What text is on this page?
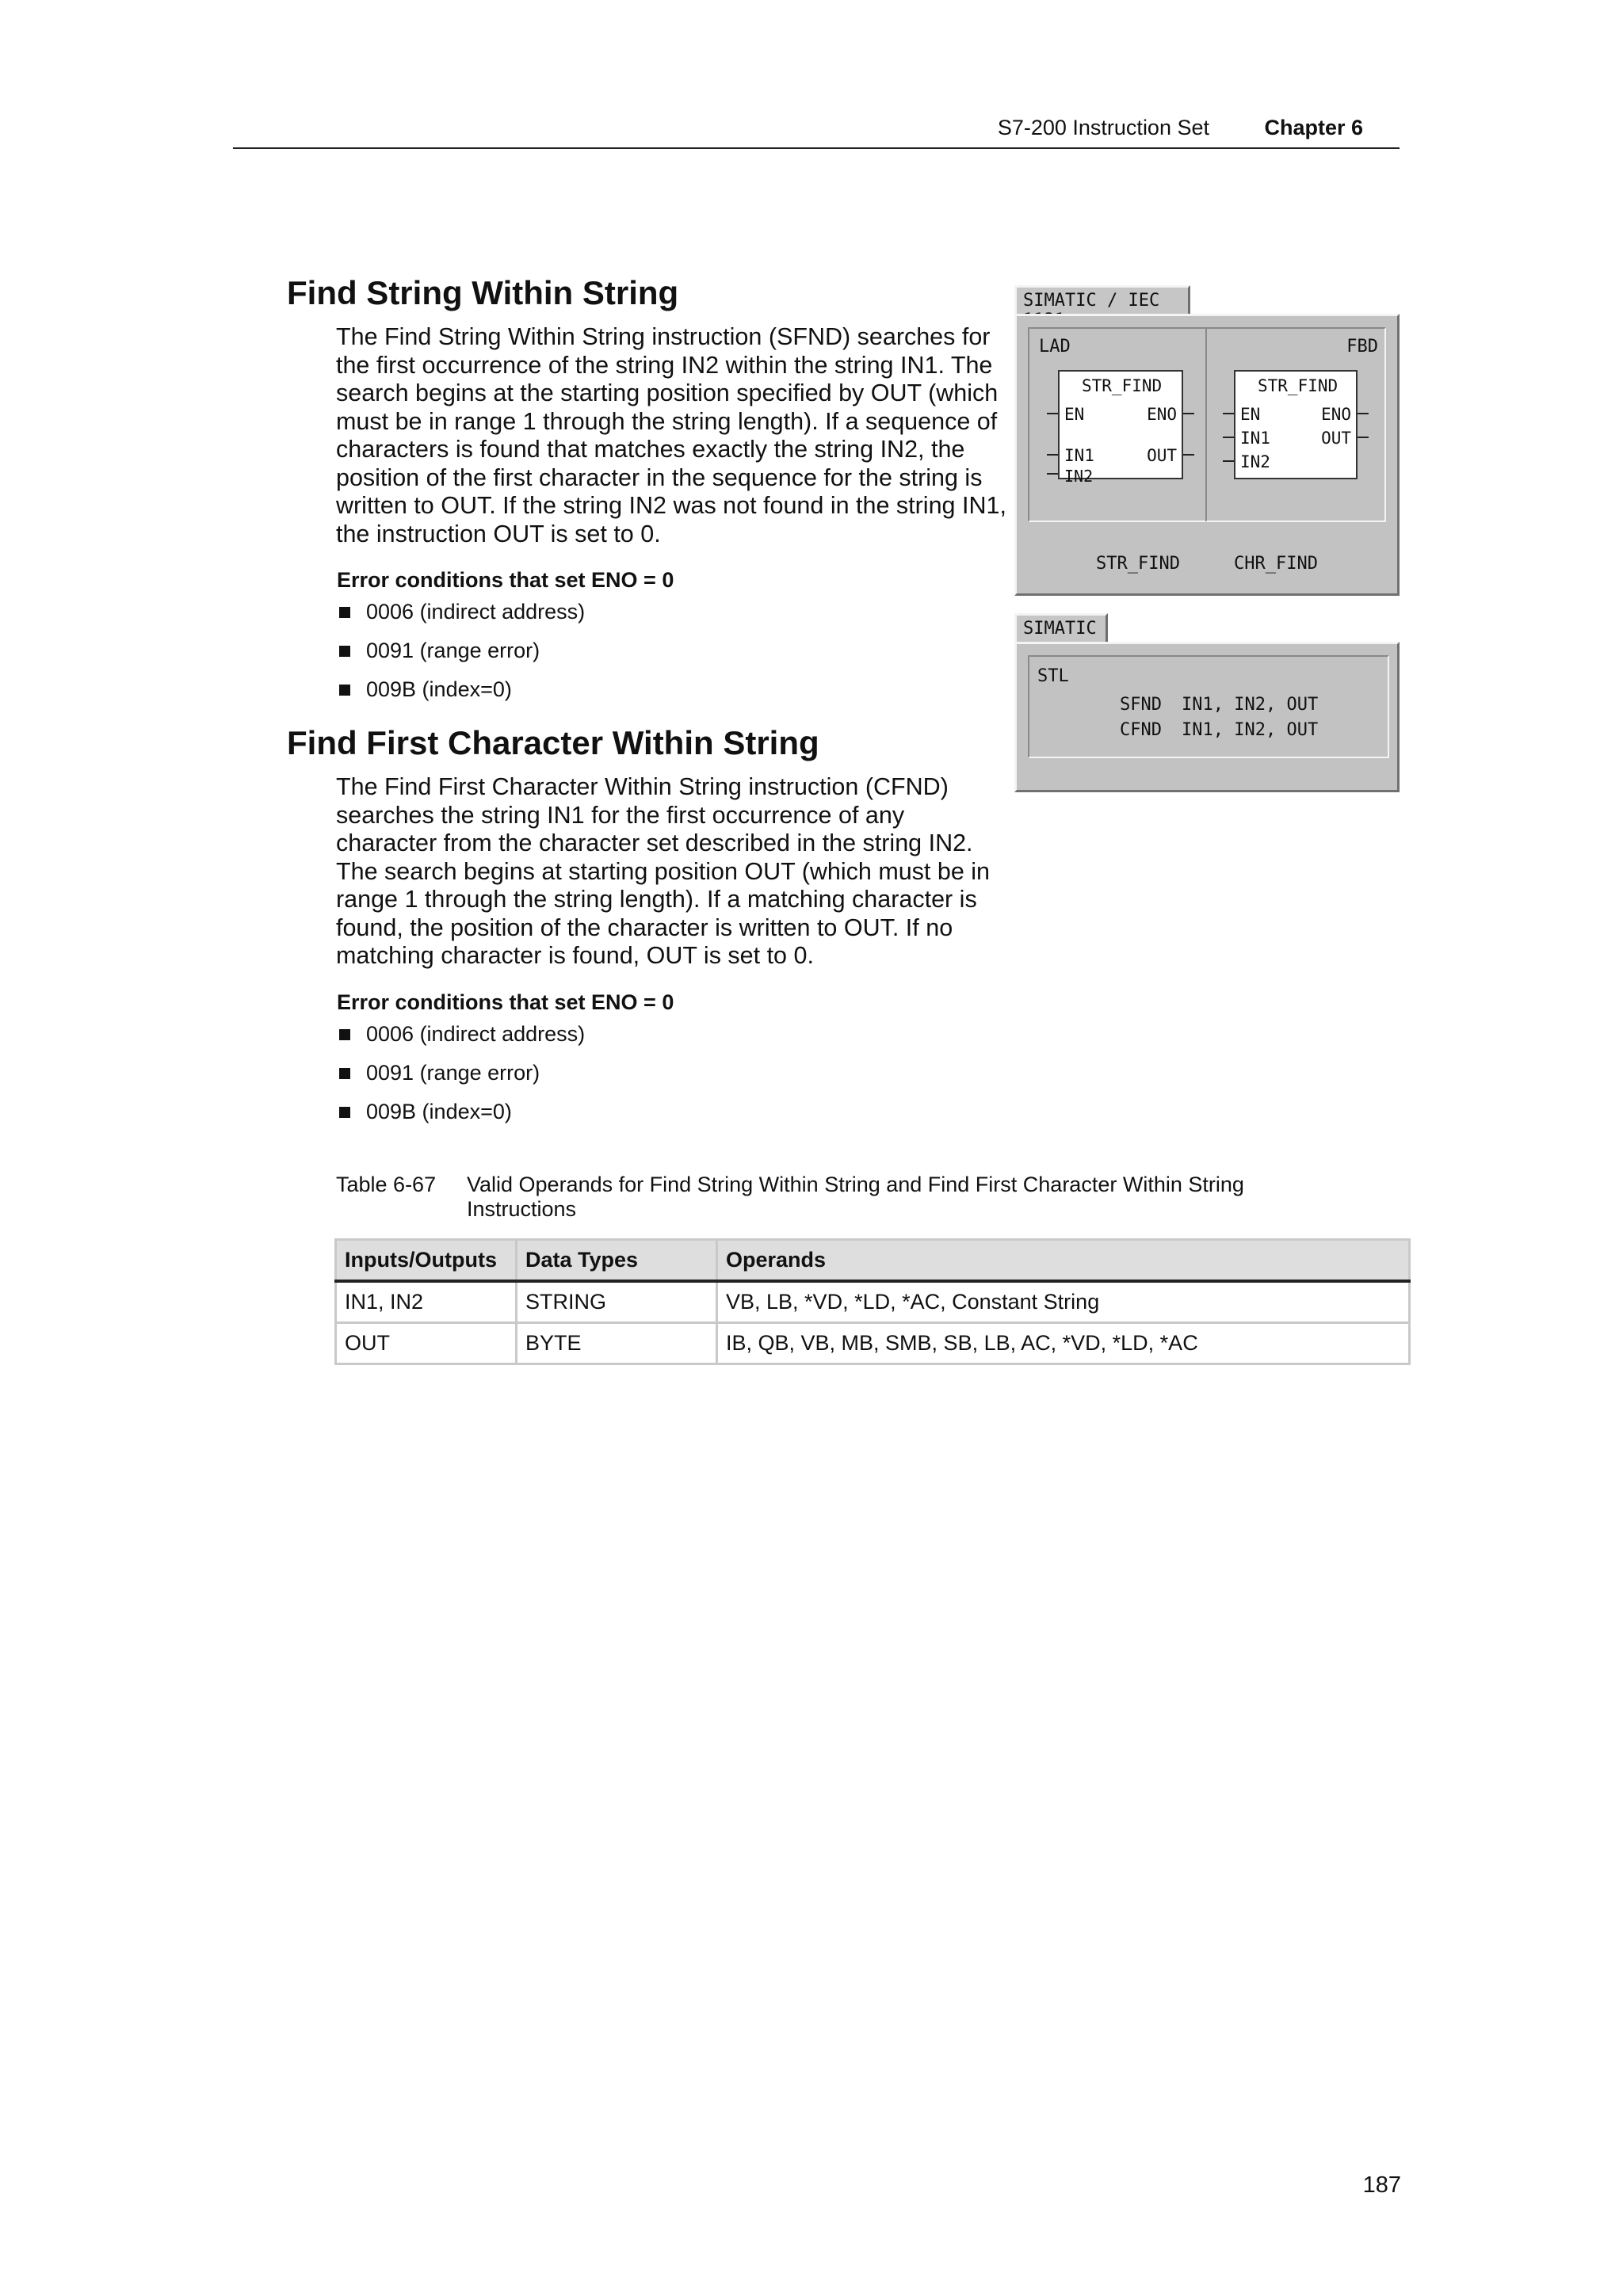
S7-200 Instruction Set	Chapter 6
Find String Within String

The Find String Within String instruction (SFND) searches for the first occurrence of the string IN2 within the string IN1. The search begins at the starting position specified by OUT (which must be in range 1 through the string length). If a sequence of characters is found that matches exactly the string IN2, the position of the first character in the sequence for the string is written to OUT. If the string IN2 was not found in the string IN1, the instruction OUT is set to 0.

Error conditions that set ENO = 0
0006 (indirect address)
0091 (range error)
009B (index=0)
Find First Character Within String

The Find First Character Within String instruction (CFND) searches the string IN1 for the first occurrence of any character from the character set described in the string IN2. The search begins at starting position OUT (which must be in range 1 through the string length). If a matching character is found, the position of the character is written to OUT. If no matching character is found, OUT is set to 0.

Error conditions that set ENO = 0
0006 (indirect address)
0091 (range error)
009B (index=0)
SIMATIC / IEC
LAD
STR_FIND
EN	ENO
IN1	OUT
IN2
FBD
STR_FIND
EN	ENO
IN1	OUT
IN2
STR_FIND	CHR_FIND
SIMATIC
STL
SFND IN1, IN2, OUT
CFND IN1, IN2, OUT
Table 6-67	Valid Operands for Find String Within String and Find First Character Within String Instructions
Inputs/Outputs	Data Types	Operands
IN1, IN2	STRING	VB, LB, *VD, *LD, *AC, Constant String
OUT	BYTE	IB, QB, VB, MB, SMB, SB, LB, AC, *VD, *LD, *AC
187
